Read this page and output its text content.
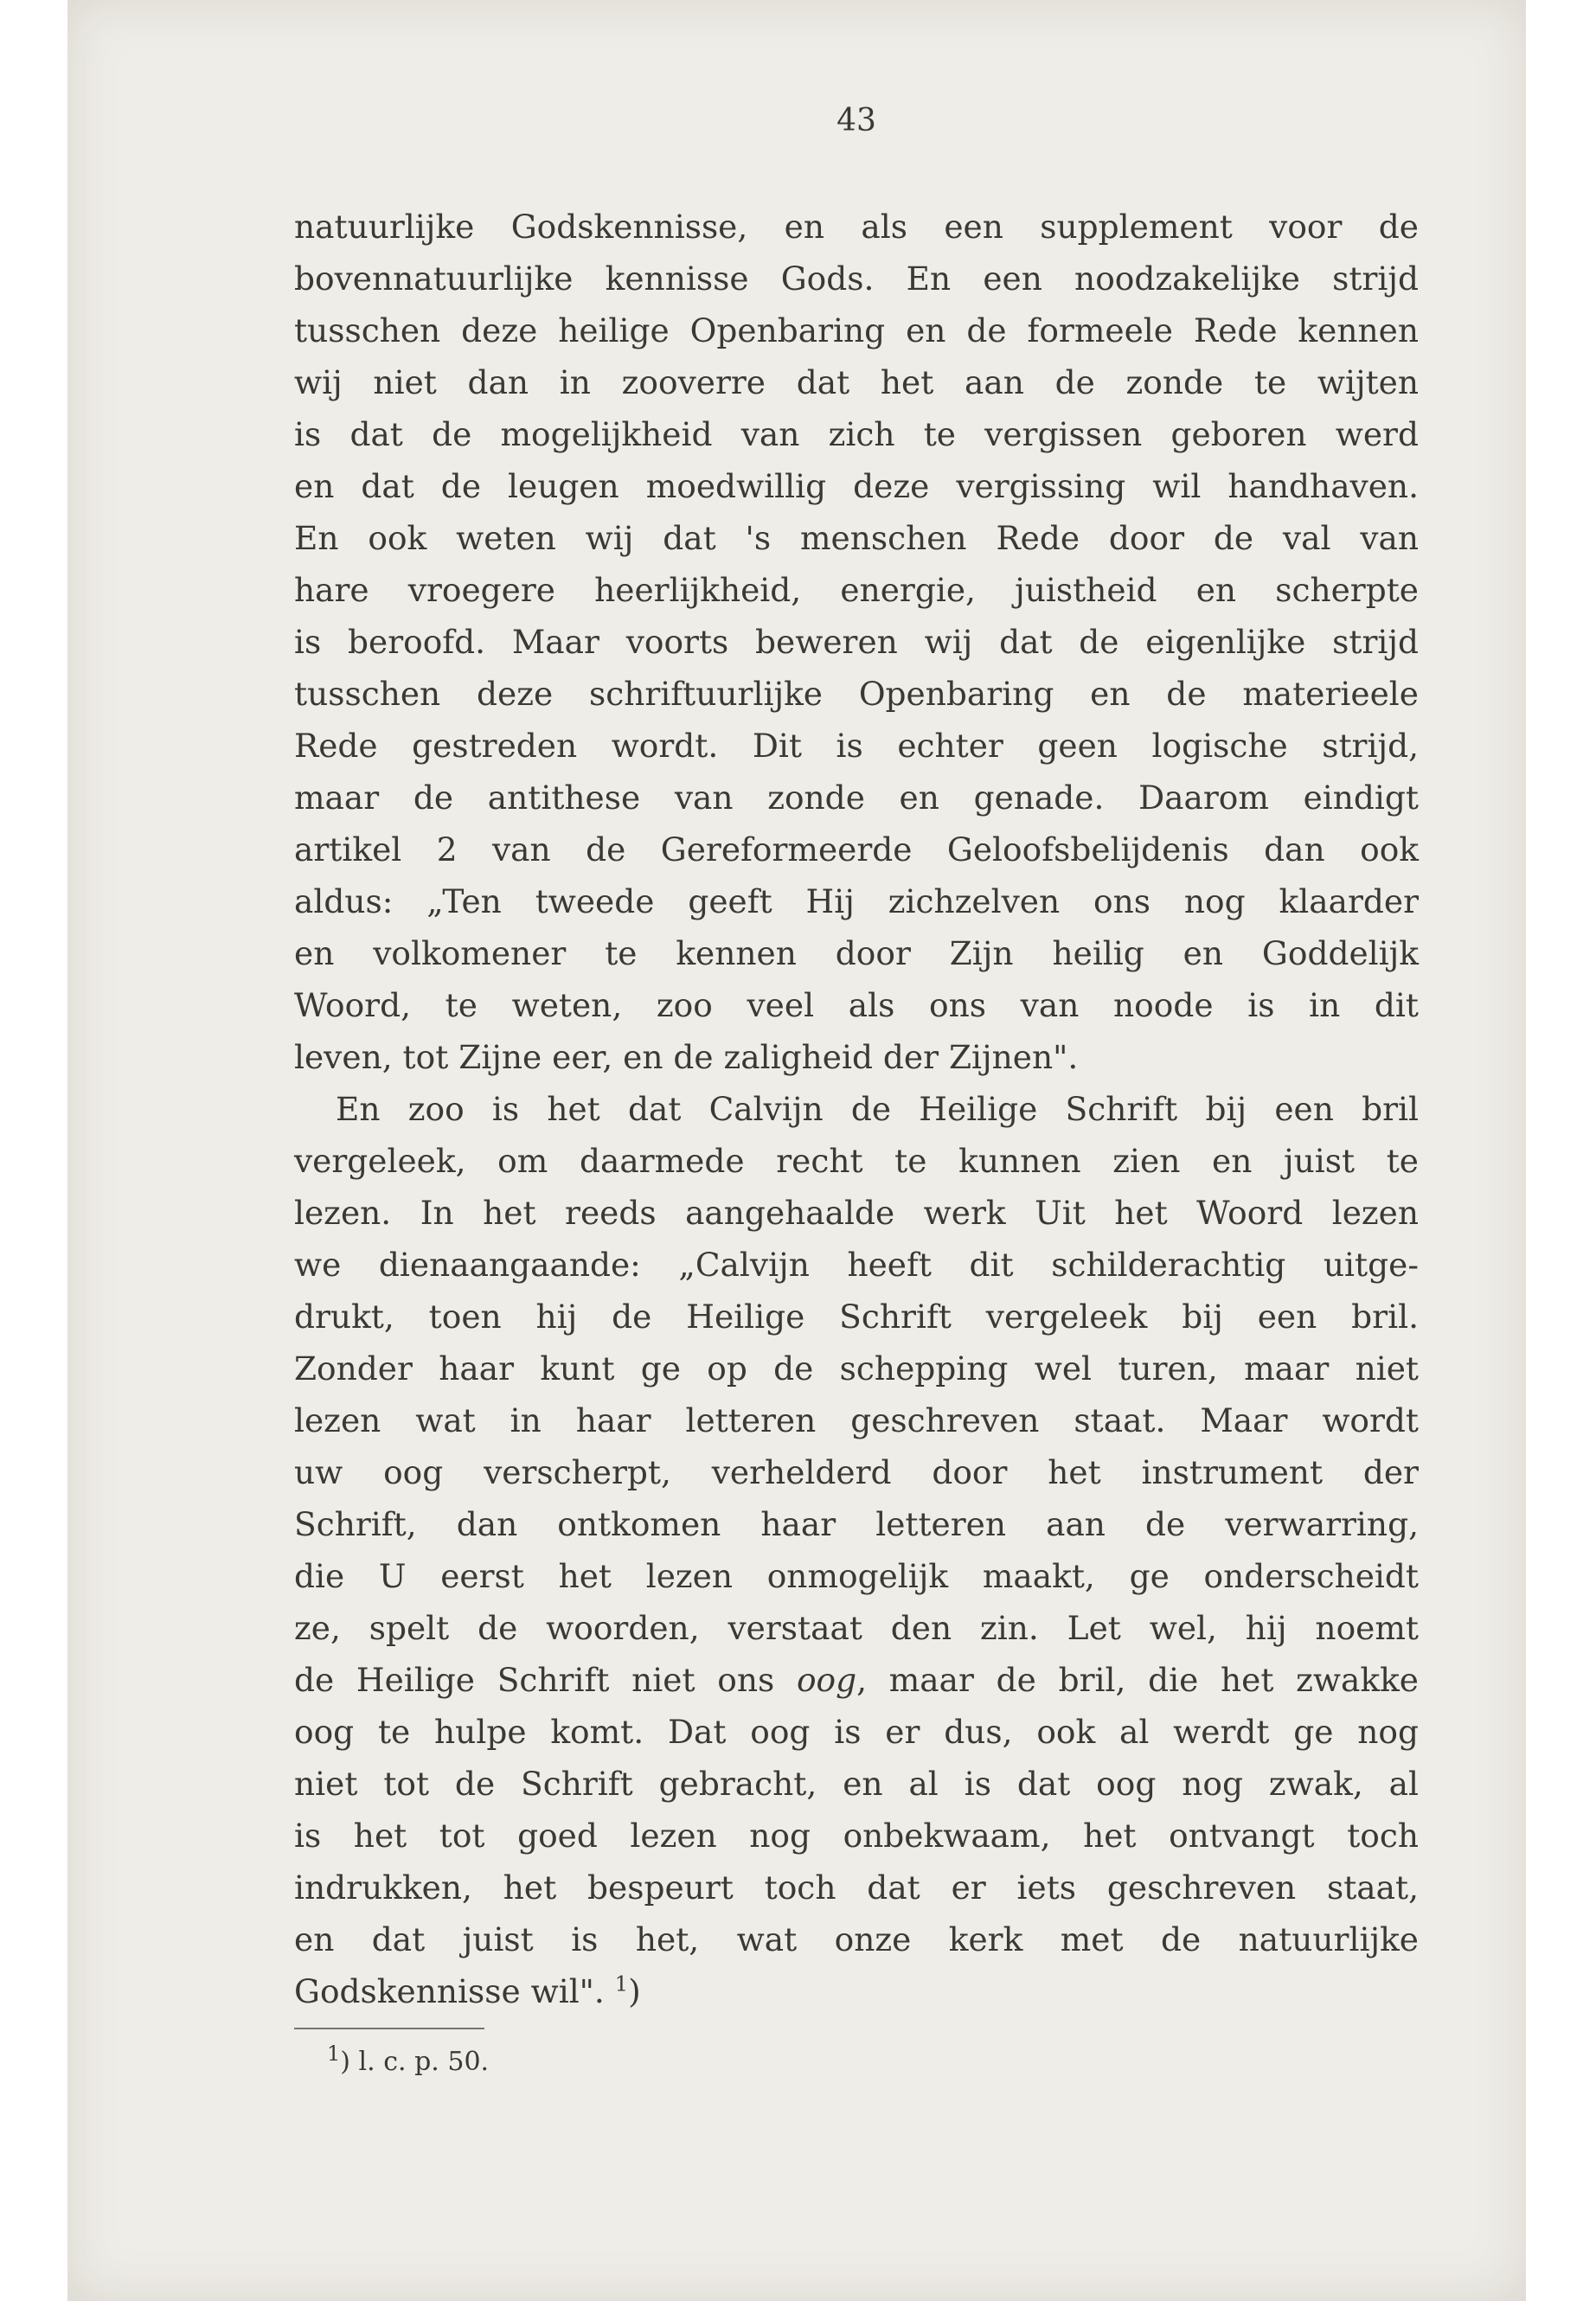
43
natuurlijke Godskennisse, en als een supplement voor de
bovennatuurlijke kennisse Gods. En een noodzakelijke strijd
tusschen deze heilige Openbaring en de formeele Rede kennen
wij niet dan in zooverre dat het aan de zonde te wijten
is dat de mogelijkheid van zich te vergissen geboren werd
en dat de leugen moedwillig deze vergissing wil handhaven.
En ook weten wij dat 's menschen Rede door de val van
hare vroegere heerlijkheid, energie, juistheid en scherpte
is beroofd. Maar voorts beweren wij dat de eigenlijke strijd
tusschen deze schriftuurlijke Openbaring en de materieele
Rede gestreden wordt. Dit is echter geen logische strijd,
maar de antithese van zonde en genade. Daarom eindigt
artikel 2 van de Gereformeerde Geloofsbelijdenis dan ook
aldus: „Ten tweede geeft Hij zichzelven ons nog klaarder
en volkomener te kennen door Zijn heilig en Goddelijk
Woord, te weten, zoo veel als ons van noode is in dit
leven, tot Zijne eer, en de zaligheid der Zijnen".
En zoo is het dat Calvijn de Heilige Schrift bij een bril
vergeleek, om daarmede recht te kunnen zien en juist te
lezen. In het reeds aangehaalde werk Uit het Woord lezen
we dienaangaande: „Calvijn heeft dit schilderachtig uitge-
drukt, toen hij de Heilige Schrift vergeleek bij een bril.
Zonder haar kunt ge op de schepping wel turen, maar niet
lezen wat in haar letteren geschreven staat. Maar wordt
uw oog verscherpt, verhelderd door het instrument der
Schrift, dan ontkomen haar letteren aan de verwarring,
die U eerst het lezen onmogelijk maakt, ge onderscheidt
ze, spelt de woorden, verstaat den zin. Let wel, hij noemt
de Heilige Schrift niet ons oog, maar de bril, die het zwakke
oog te hulpe komt. Dat oog is er dus, ook al werdt ge nog
niet tot de Schrift gebracht, en al is dat oog nog zwak, al
is het tot goed lezen nog onbekwaam, het ontvangt toch
indrukken, het bespeurt toch dat er iets geschreven staat,
en dat juist is het, wat onze kerk met de natuurlijke
Godskennisse wil". $^1$)
$^1$) l. c. p. 50.
